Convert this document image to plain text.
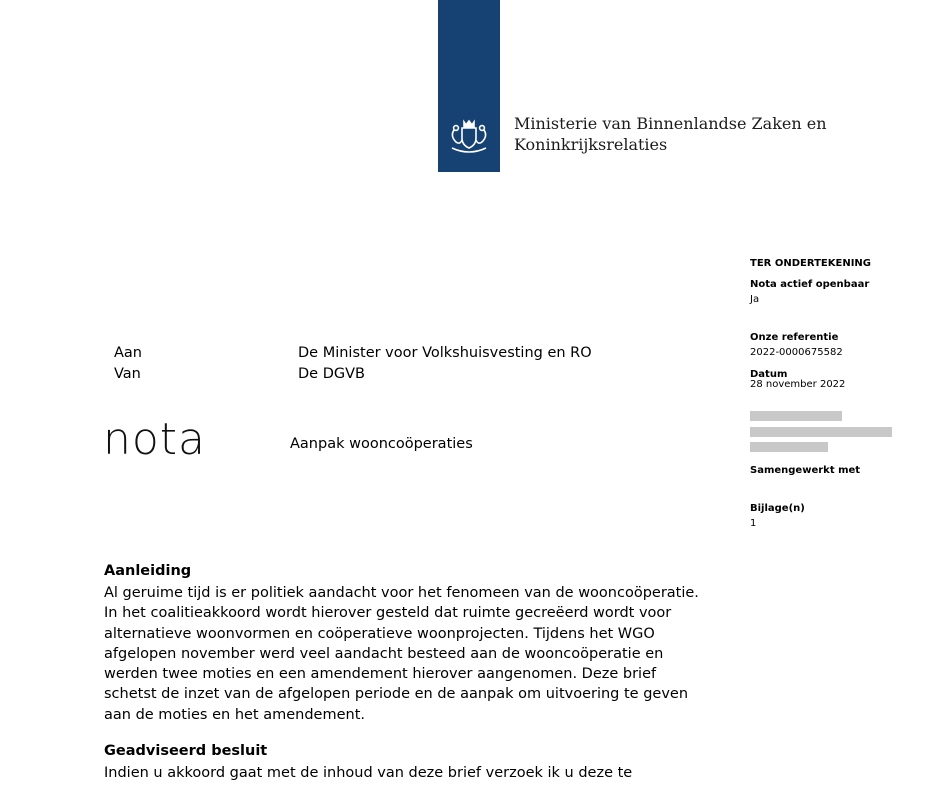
Ministerie van Binnenlandse Zaken en
Koninkrijksrelaties
TER ONDERTEKENING
Nota actief openbaar
Ja
Onze referentie
2022-0000675582
Datum
28 november 2022
Samengewerkt met
Bijlage(n)
1
Aan	De Minister voor Volkshuisvesting en RO
Van	De DGVB
nota	Aanpak wooncoöperaties
Aanleiding
Al geruime tijd is er politiek aandacht voor het fenomeen van de wooncoöperatie.
In het coalitieakkoord wordt hierover gesteld dat ruimte gecreëerd wordt voor
alternatieve woonvormen en coöperatieve woonprojecten. Tijdens het WGO
afgelopen november werd veel aandacht besteed aan de wooncoöperatie en
werden twee moties en een amendement hierover aangenomen. Deze brief
schetst de inzet van de afgelopen periode en de aanpak om uitvoering te geven
aan de moties en het amendement.
Geadviseerd besluit
Indien u akkoord gaat met de inhoud van deze brief verzoek ik u deze te
